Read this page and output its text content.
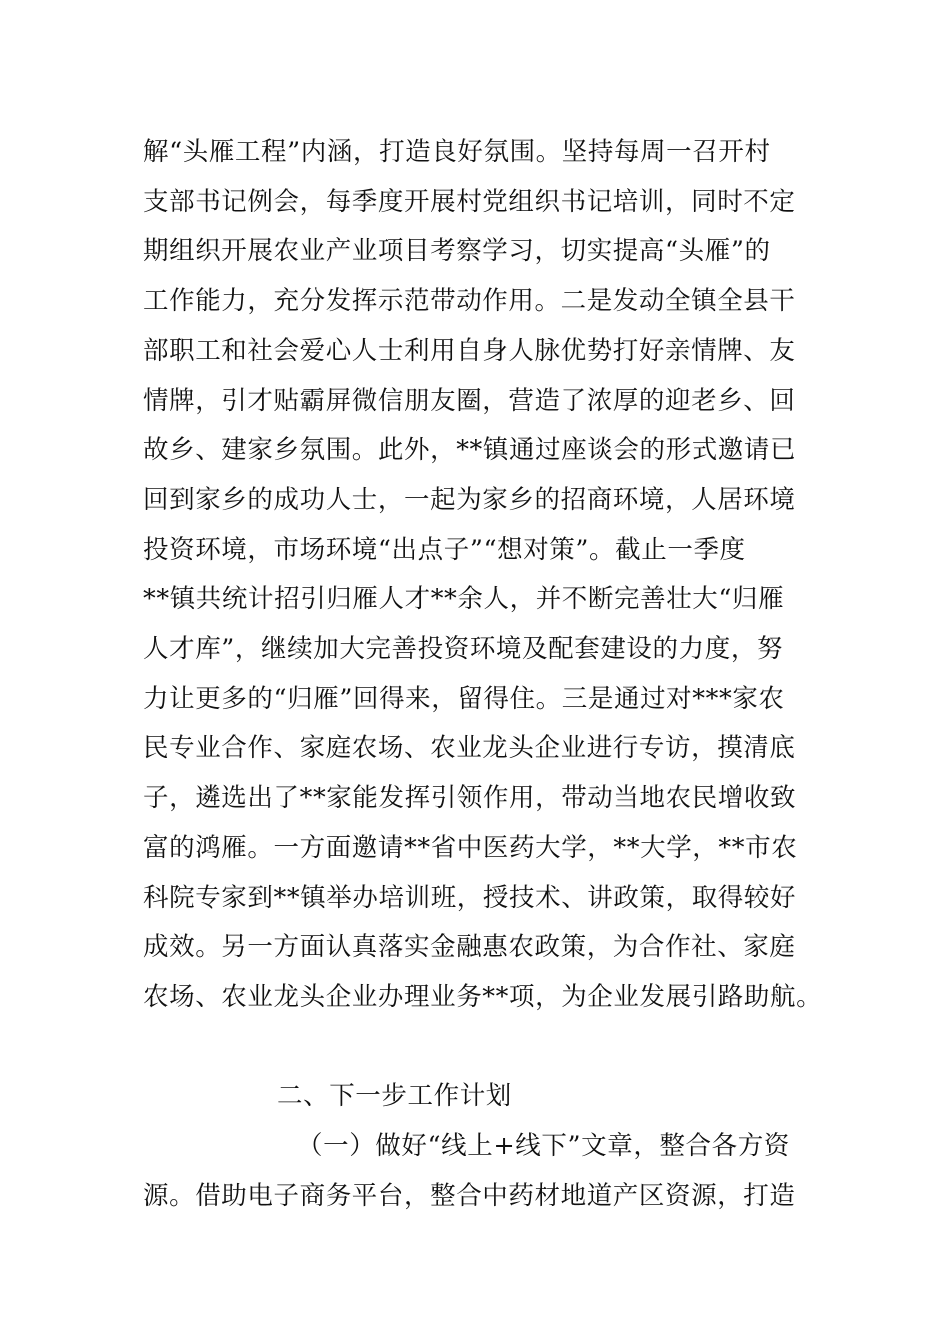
解“头雁工程”内涵，打造良好氛围。坚持每周一召开村
支部书记例会，每季度开展村党组织书记培训，同时不定
期组织开展农业产业项目考察学习，切实提高“头雁”的
工作能力，充分发挥示范带动作用。二是发动全镇全县干
部职工和社会爱心人士利用自身人脉优势打好亲情牌、友
情牌，引才贴霸屏微信朋友圈，营造了浓厚的迎老乡、回
故乡、建家乡氛围。此外，**镇通过座谈会的形式邀请已
回到家乡的成功人士，一起为家乡的招商环境，人居环境
投资环境，市场环境“出点子”“想对策”。截止一季度
**镇共统计招引归雁人才**余人，并不断完善壮大“归雁
人才库”，继续加大完善投资环境及配套建设的力度，努
力让更多的“归雁”回得来，留得住。三是通过对***家农
民专业合作、家庭农场、农业龙头企业进行专访，摸清底
子，遴选出了**家能发挥引领作用，带动当地农民增收致
富的鸿雁。一方面邀请**省中医药大学，**大学，**市农
科院专家到**镇举办培训班，授技术、讲政策，取得较好
成效。另一方面认真落实金融惠农政策，为合作社、家庭
农场、农业龙头企业办理业务**项，为企业发展引路助航。
二、下一步工作计划
（一）做好“线上+线下”文章，整合各方资
源。借助电子商务平台，整合中药材地道产区资源，打造
